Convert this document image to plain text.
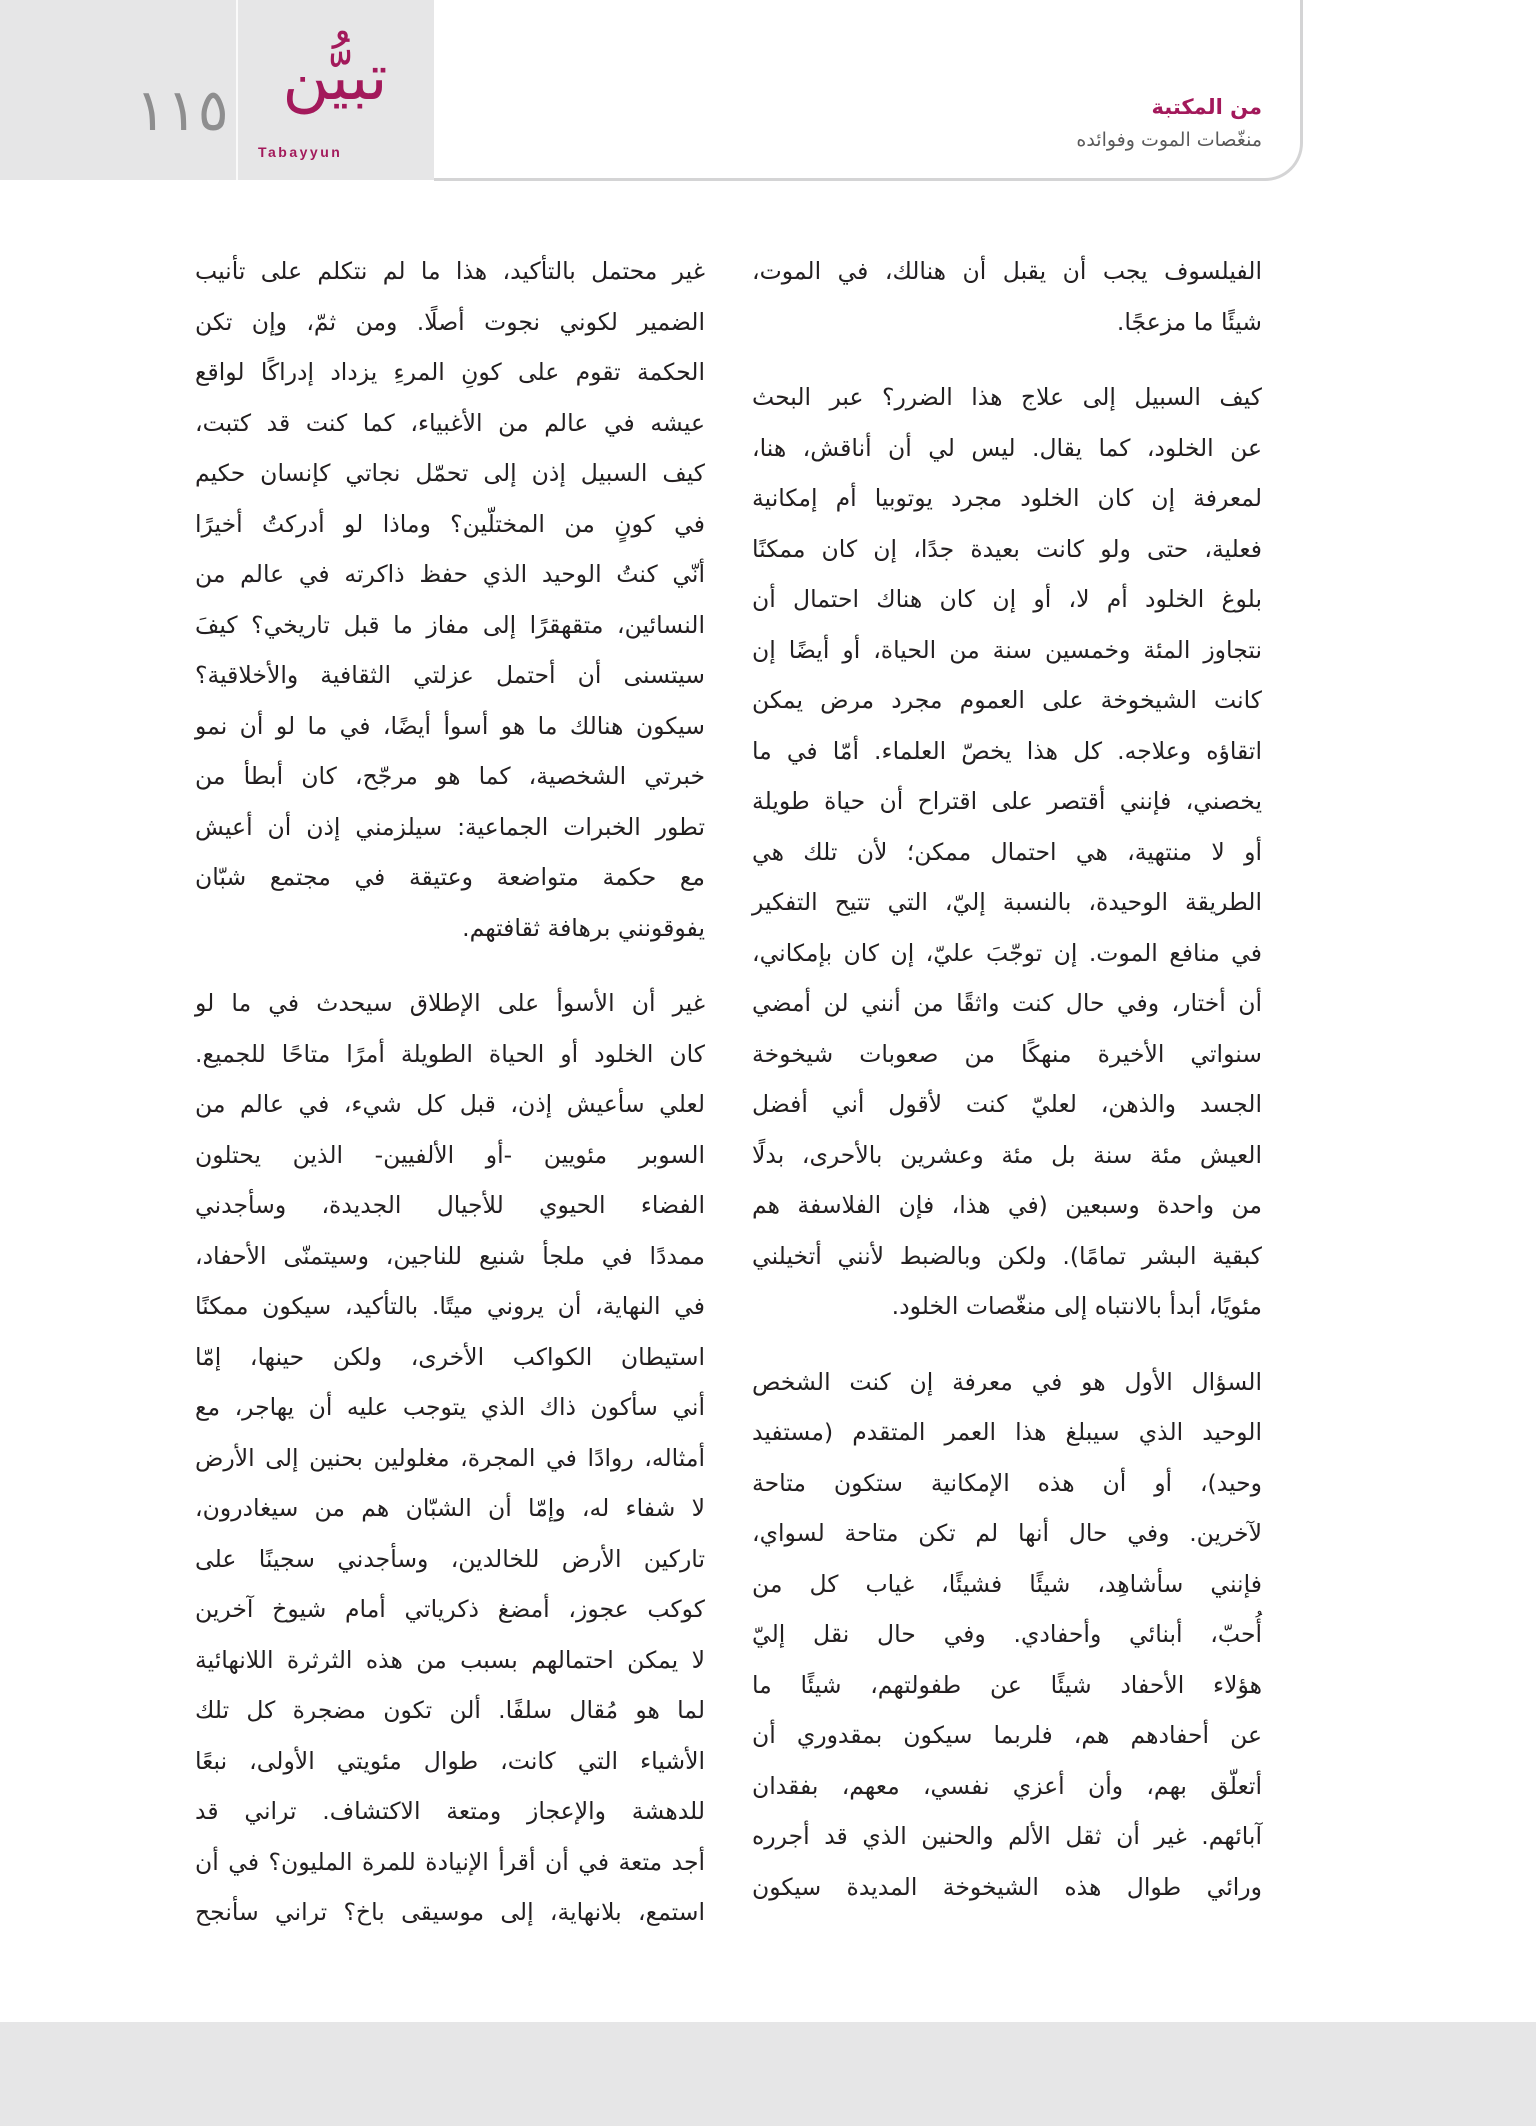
١١٥ تبيُّن
Tabayyun
من المكتبة
منغّصات الموت وفوائده
الفيلسوف يجب أن يقبل أن هنالك، في الموت،
شيئًا ما مزعجًا.
كيف السبيل إلى علاج هذا الضرر؟ عبر البحث
عن الخلود، كما يقال. ليس لي أن أناقش، هنا،
لمعرفة إن كان الخلود مجرد يوتوبيا أم إمكانية
فعلية، حتى ولو كانت بعيدة جدًا، إن كان ممكنًا
بلوغ الخلود أم لا، أو إن كان هناك احتمال أن
نتجاوز المئة وخمسين سنة من الحياة، أو أيضًا إن
كانت الشيخوخة على العموم مجرد مرض يمكن
اتقاؤه وعلاجه. كل هذا يخصّ العلماء. أمّا في ما
يخصني، فإنني أقتصر على اقتراح أن حياة طويلة
أو لا منتهية، هي احتمال ممكن؛ لأن تلك هي
الطريقة الوحيدة، بالنسبة إليّ، التي تتيح التفكير
في منافع الموت. إن توجّبَ عليّ، إن كان بإمكاني،
أن أختار، وفي حال كنت واثقًا من أنني لن أمضي
سنواتي الأخيرة منهكًا من صعوبات شيخوخة
الجسد والذهن، لعليّ كنت لأقول أني أفضل
العيش مئة سنة بل مئة وعشرين بالأحرى، بدلًا
من واحدة وسبعين (في هذا، فإن الفلاسفة هم
كبقية البشر تمامًا). ولكن وبالضبط لأنني أتخيلني
مئويًا، أبدأ بالانتباه إلى منغّصات الخلود.
السؤال الأول هو في معرفة إن كنت الشخص
الوحيد الذي سيبلغ هذا العمر المتقدم (مستفيد
وحيد)، أو أن هذه الإمكانية ستكون متاحة
لآخرين. وفي حال أنها لم تكن متاحة لسواي،
فإنني سأشاهِد، شيئًا فشيئًا، غياب كل من
أُحبّ، أبنائي وأحفادي. وفي حال نقل إليّ
هؤلاء الأحفاد شيئًا عن طفولتهم، شيئًا ما
عن أحفادهم هم، فلربما سيكون بمقدوري أن
أتعلّق بهم، وأن أعزي نفسي، معهم، بفقدان
آبائهم. غير أن ثقل الألم والحنين الذي قد أجرره
ورائي طوال هذه الشيخوخة المديدة سيكون
غير محتمل بالتأكيد، هذا ما لم نتكلم على تأنيب
الضمير لكوني نجوت أصلًا. ومن ثمّ، وإن تكن
الحكمة تقوم على كونِ المرءِ يزداد إدراكًا لواقع
عيشه في عالم من الأغبياء، كما كنت قد كتبت،
كيف السبيل إذن إلى تحمّل نجاتي كإنسان حكيم
في كونٍ من المختلّين؟ وماذا لو أدركتُ أخيرًا
أنّي كنتُ الوحيد الذي حفظ ذاكرته في عالم من
النسائين، متقهقرًا إلى مفاز ما قبل تاريخي؟ كيفَ
سيتسنى أن أحتمل عزلتي الثقافية والأخلاقية؟
سيكون هنالك ما هو أسوأ أيضًا، في ما لو أن نمو
خبرتي الشخصية، كما هو مرجّح، كان أبطأ من
تطور الخبرات الجماعية: سيلزمني إذن أن أعيش
مع حكمة متواضعة وعتيقة في مجتمع شبّان
يفوقونني برهافة ثقافتهم.
غير أن الأسوأ على الإطلاق سيحدث في ما لو
كان الخلود أو الحياة الطويلة أمرًا متاحًا للجميع.
لعلي سأعيش إذن، قبل كل شيء، في عالم من
السوبر مئويين -أو الألفيين- الذين يحتلون
الفضاء الحيوي للأجيال الجديدة، وسأجدني
ممددًا في ملجأ شنيع للناجين، وسيتمنّى الأحفاد،
في النهاية، أن يروني ميتًا. بالتأكيد، سيكون ممكنًا
استيطان الكواكب الأخرى، ولكن حينها، إمّا
أني سأكون ذاك الذي يتوجب عليه أن يهاجر، مع
أمثاله، روادًا في المجرة، مغلولين بحنين إلى الأرض
لا شفاء له، وإمّا أن الشبّان هم من سيغادرون،
تاركين الأرض للخالدين، وسأجدني سجينًا على
كوكب عجوز، أمضغ ذكرياتي أمام شيوخ آخرين
لا يمكن احتمالهم بسبب من هذه الثرثرة اللانهائية
لما هو مُقال سلفًا. ألن تكون مضجرة كل تلك
الأشياء التي كانت، طوال مئويتي الأولى، نبعًا
للدهشة والإعجاز ومتعة الاكتشاف. تراني قد
أجد متعة في أن أقرأ الإنيادة للمرة المليون؟ في أن
استمع، بلانهاية، إلى موسيقى باخ؟ تراني سأنجح
